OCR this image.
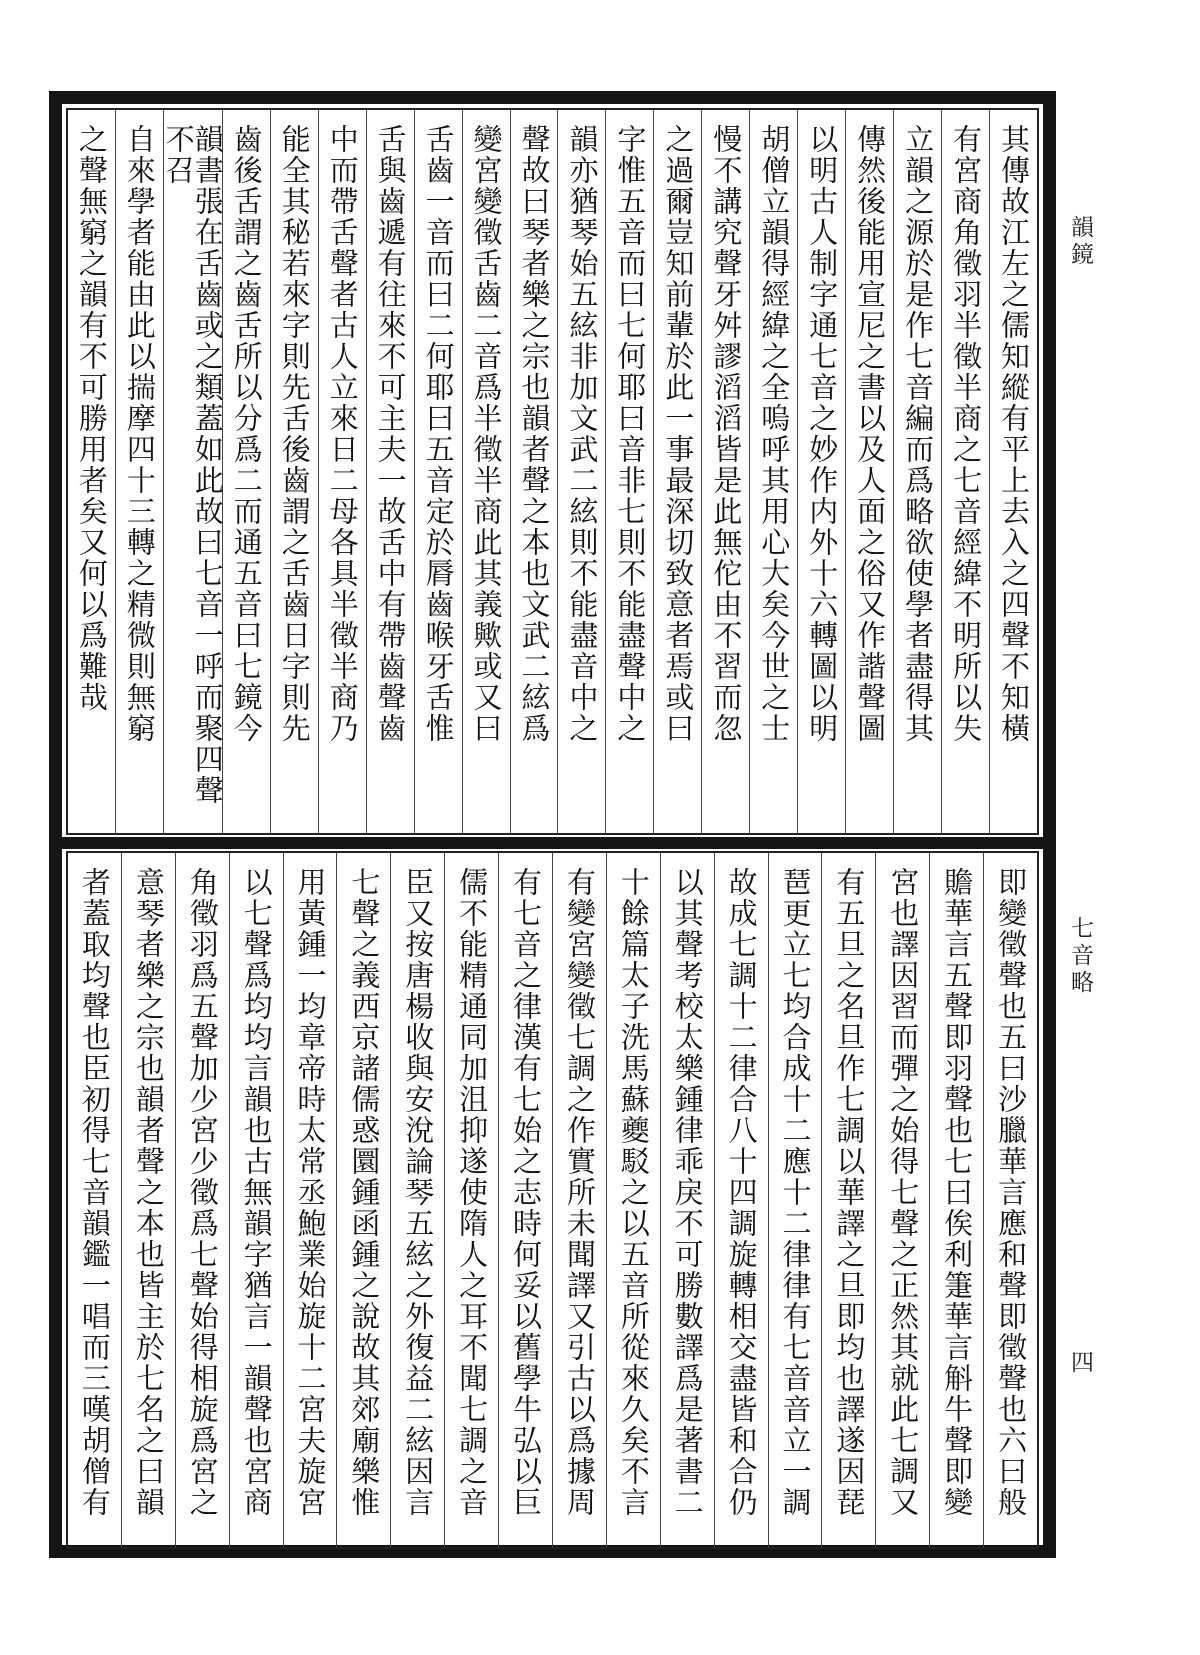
其傳故江左之儒知縱有平上去入之四聲不知橫
有宮商角徵羽半徵半商之七音經緯不明所以失
立韻之源於是作七音編而爲略欲使學者盡得其
傳然後能用宣尼之書以及人面之俗又作諧聲圖
以明古人制字通七音之妙作内外十六轉圖以明
胡僧立韻得經緯之全嗚呼其用心大矣今世之士
慢不講究聲牙舛謬滔滔皆是此無佗由不習而忽
之過爾豈知前輩於此一事最深切致意者焉或曰
字惟五音而曰七何耶曰音非七則不能盡聲中之
韻亦猶琴始五絃非加文武二絃則不能盡音中之
聲故曰琴者樂之宗也韻者聲之本也文武二絃爲
變宮變徵舌齒二音爲半徵半商此其義歟或又曰
舌齒一音而曰二何耶曰五音定於脣齒喉牙舌惟
舌與齒遞有往來不可主夫一故舌中有帶齒聲齒
中而帶舌聲者古人立來日二母各具半徵半商乃
能全其秘若來字則先舌後齒謂之舌齒日字則先
齒後舌謂之齒舌所以分爲二而通五音曰七鏡今
韻書張在舌齒或之類蓋如此故曰七音一呼而聚四聲不召
自來學者能由此以揣摩四十三轉之精微則無窮
之聲無窮之韻有不可勝用者矣又何以爲難哉
即變徵聲也五曰沙臘華言應和聲即徵聲也六曰般
贍華言五聲即羽聲也七曰俟利箑華言斛牛聲即變
宮也譯因習而彈之始得七聲之正然其就此七調又
有五旦之名旦作七調以華譯之旦即均也譯遂因琵
琶更立七均合成十二應十二律律有七音音立一調
故成七調十二律合八十四調旋轉相交盡皆和合仍
以其聲考校太樂鍾律乖戾不可勝數譯爲是著書二
十餘篇太子洗馬蘇夔駁之以五音所從來久矣不言
有變宮變徵七調之作實所未聞譯又引古以爲據周
有七音之律漢有七始之志時何妥以舊學牛弘以巨
儒不能精通同加沮抑遂使隋人之耳不聞七調之音
臣又按唐楊收與安涗論琴五絃之外復益二絃因言
七聲之義西京諸儒惑圜鍾函鍾之說故其郊廟樂惟
用黃鍾一均章帝時太常丞鮑業始旋十二宮夫旋宮
以七聲爲均均言韻也古無韻字猶言一韻聲也宮商
角徵羽爲五聲加少宮少徵爲七聲始得相旋爲宮之
意琴者樂之宗也韻者聲之本也皆主於七名之曰韻
者蓋取均聲也臣初得七音韻鑑一唱而三嘆胡僧有
韻鏡
七音略
四
